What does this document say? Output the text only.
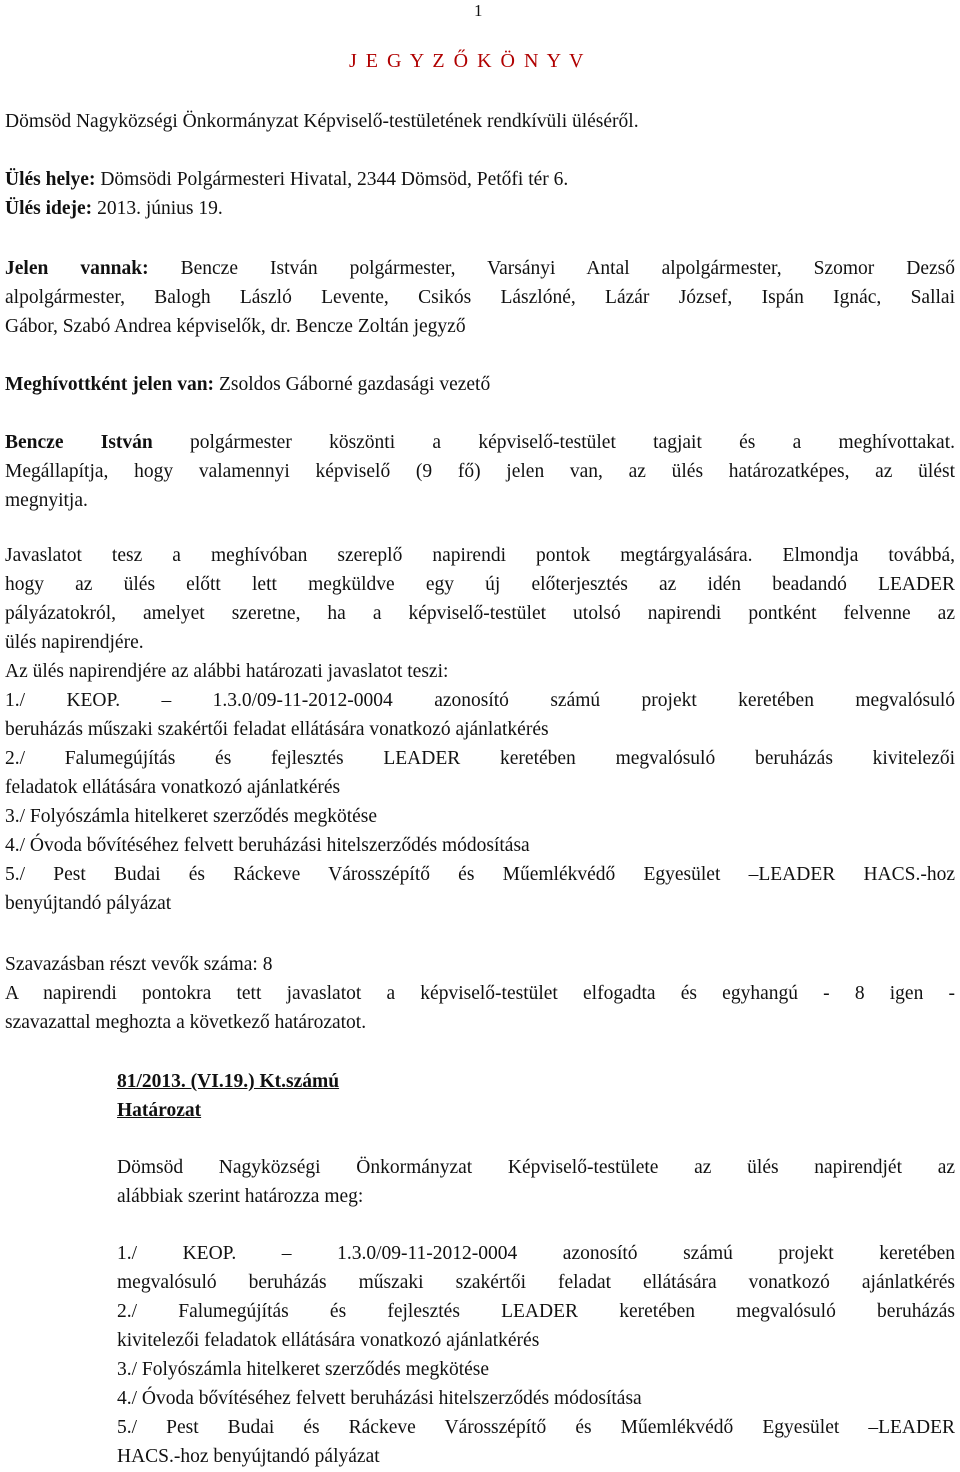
1
J E G Y Z Ő K Ö N Y V
Dömsöd Nagyközségi Önkormányzat Képviselő-testületének rendkívüli üléséről.
Ülés helye: Dömsödi Polgármesteri Hivatal, 2344 Dömsöd, Petőfi tér 6.
Ülés ideje: 2013. június 19.
Jelen vannak: Bencze István polgármester, Varsányi Antal alpolgármester, Szomor Dezső
alpolgármester, Balogh László Levente, Csikós Lászlóné, Lázár József, Ispán Ignác, Sallai
Gábor, Szabó Andrea képviselők, dr. Bencze Zoltán jegyző
Meghívottként jelen van: Zsoldos Gáborné gazdasági vezető
Bencze István polgármester köszönti a képviselő-testület tagjait és a meghívottakat.
Megállapítja, hogy valamennyi képviselő (9 fő) jelen van, az ülés határozatképes, az ülést
megnyitja.
Javaslatot tesz a meghívóban szereplő napirendi pontok megtárgyalására. Elmondja továbbá,
hogy az ülés előtt lett megküldve egy új előterjesztés az idén beadandó LEADER
pályázatokról, amelyet szeretne, ha a képviselő-testület utolsó napirendi pontként felvenne az
ülés napirendjére.
Az ülés napirendjére az alábbi határozati javaslatot teszi:
1./ KEOP. – 1.3.0/09-11-2012-0004 azonosító számú projekt keretében megvalósuló
beruházás műszaki szakértői feladat ellátására vonatkozó ajánlatkérés
2./ Falumegújítás és fejlesztés LEADER keretében megvalósuló beruházás kivitelezői
feladatok ellátására vonatkozó ajánlatkérés
3./ Folyószámla hitelkeret szerződés megkötése
4./ Óvoda bővítéséhez felvett beruházási hitelszerződés módosítása
5./ Pest Budai és Ráckeve Városszépítő és Műemlékvédő Egyesület –LEADER HACS.-hoz
benyújtandó pályázat
Szavazásban részt vevők száma: 8
A napirendi pontokra tett javaslatot a képviselő-testület elfogadta és egyhangú - 8 igen -
szavazattal meghozta a következő határozatot.
81/2013. (VI.19.) Kt.számú
Határozat
Dömsöd Nagyközségi Önkormányzat Képviselő-testülete az ülés napirendjét az
alábbiak szerint határozza meg:
1./ KEOP. – 1.3.0/09-11-2012-0004 azonosító számú projekt keretében
megvalósuló beruházás műszaki szakértői feladat ellátására vonatkozó ajánlatkérés
2./ Falumegújítás és fejlesztés LEADER keretében megvalósuló beruházás
kivitelezői feladatok ellátására vonatkozó ajánlatkérés
3./ Folyószámla hitelkeret szerződés megkötése
4./ Óvoda bővítéséhez felvett beruházási hitelszerződés módosítása
5./ Pest Budai és Ráckeve Városszépítő és Műemlékvédő Egyesület –LEADER
HACS.-hoz benyújtandó pályázat
